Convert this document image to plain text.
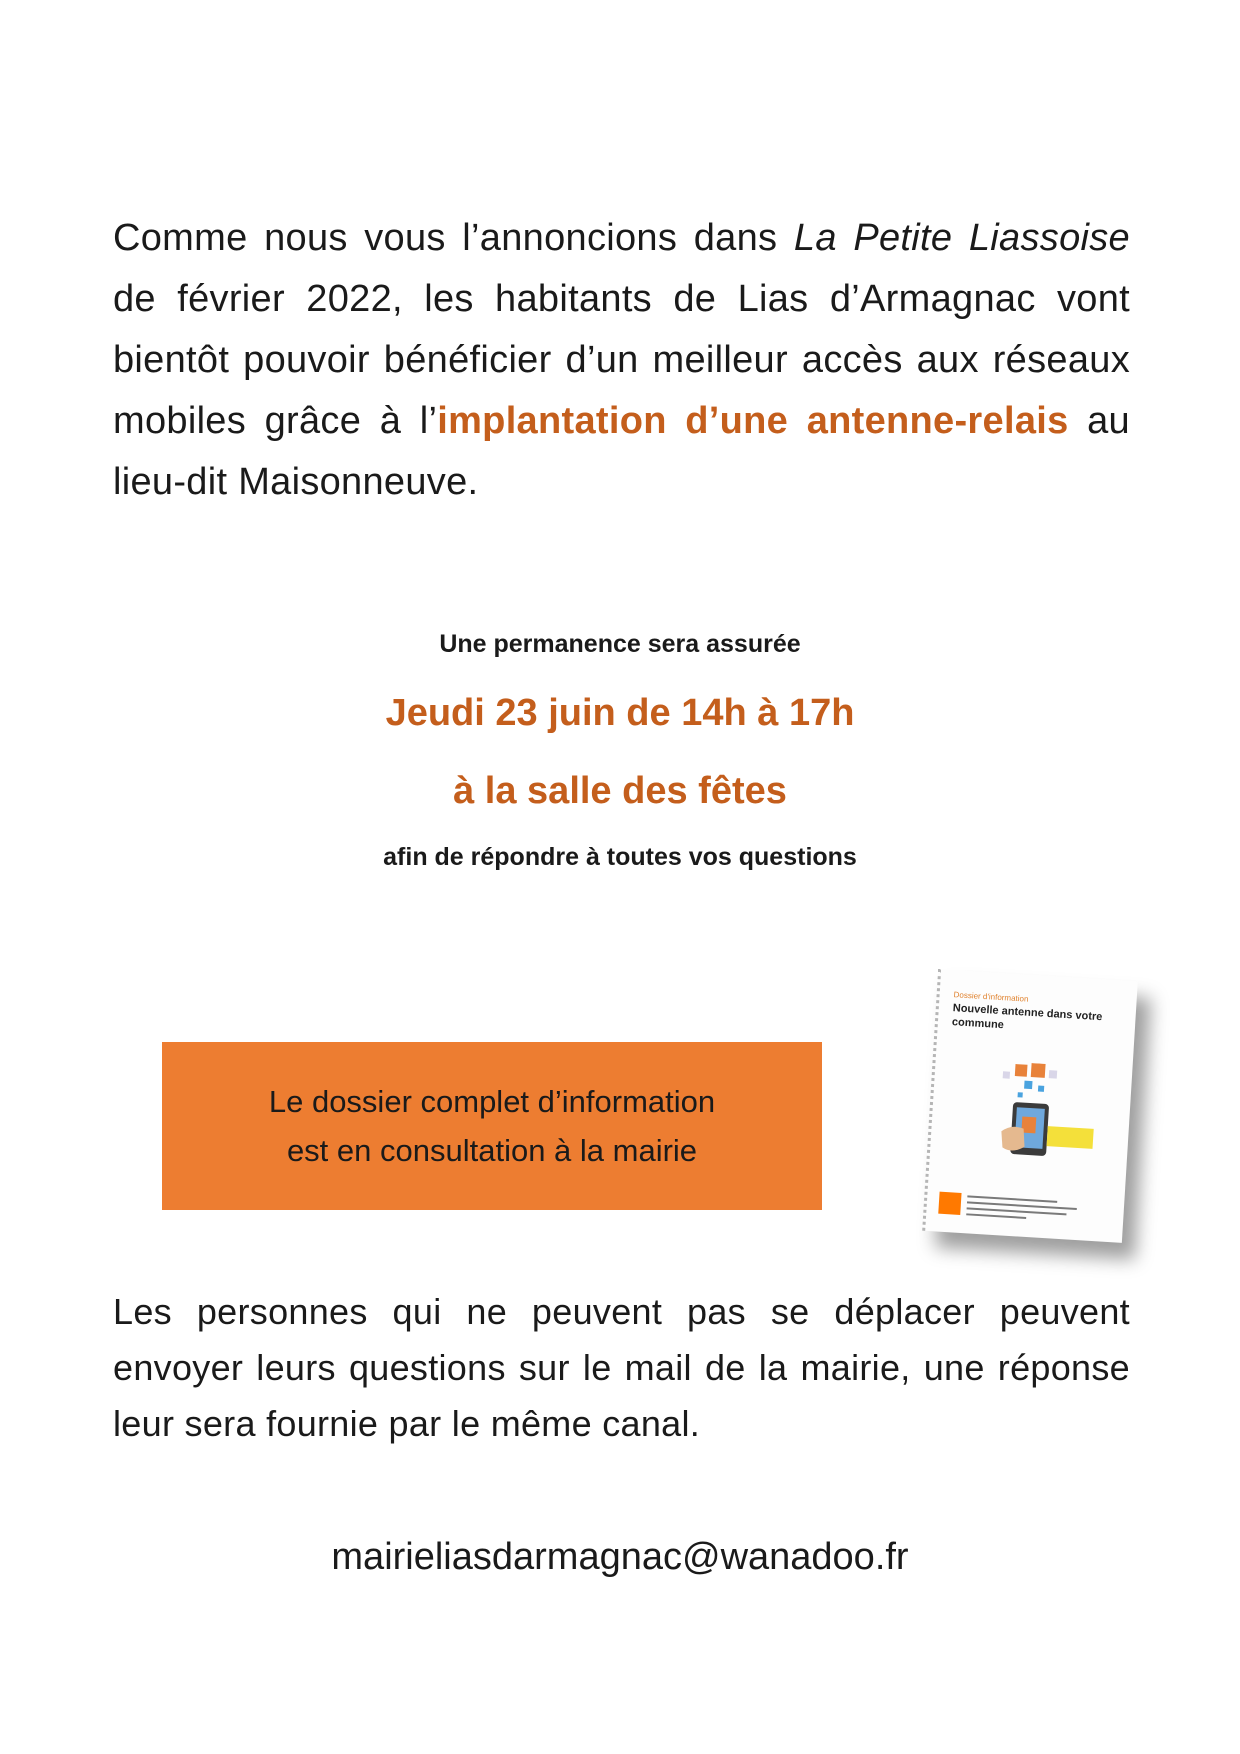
Comme nous vous l’annoncions dans La Petite Liassoise de février 2022, les habitants de Lias d’Armagnac vont bientôt pouvoir bénéficier d’un meilleur accès aux réseaux mobiles grâce à l’implantation d’une antenne-relais au lieu-dit Maisonneuve.

Une permanence sera assurée

Jeudi 23 juin de 14h à 17h

à la salle des fêtes

afin de répondre à toutes vos questions

Le dossier complet d’information
est en consultation à la mairie
Dossier d'information
Nouvelle antenne dans votre commune

Les personnes qui ne peuvent pas se déplacer peuvent envoyer leurs questions sur le mail de la mairie, une réponse leur sera fournie par le même canal.

mairieliasdarmagnac@wanadoo.fr
